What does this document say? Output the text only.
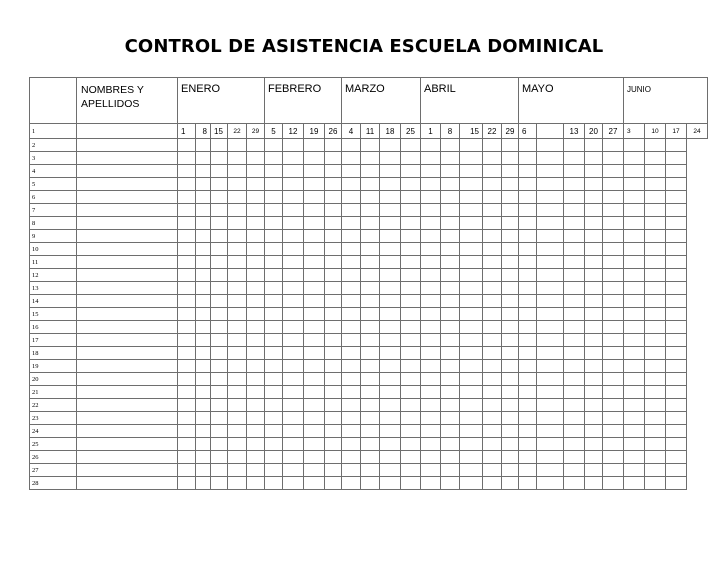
CONTROL DE ASISTENCIA ESCUELA DOMINICAL

	NOMBRES Y APELLIDOS	ENERO					FEBRERO				MARZO				ABRIL					MAYO					JUNIO			

1		1	8	15	22	29	5	12	19	26	4	11	18	25	1	8	15	22	29	6		13	20	27	3	10	17	24

2																												

3																												

4																												

5																												

6																												

7																												

8																												

9																												

10																												

11																												

12																												

13																												

14																												

15																												

16																												

17																												

18																												

19																												

20																												

21																												

22																												

23																												

24																												

25																												

26																												

27																												

28																												
